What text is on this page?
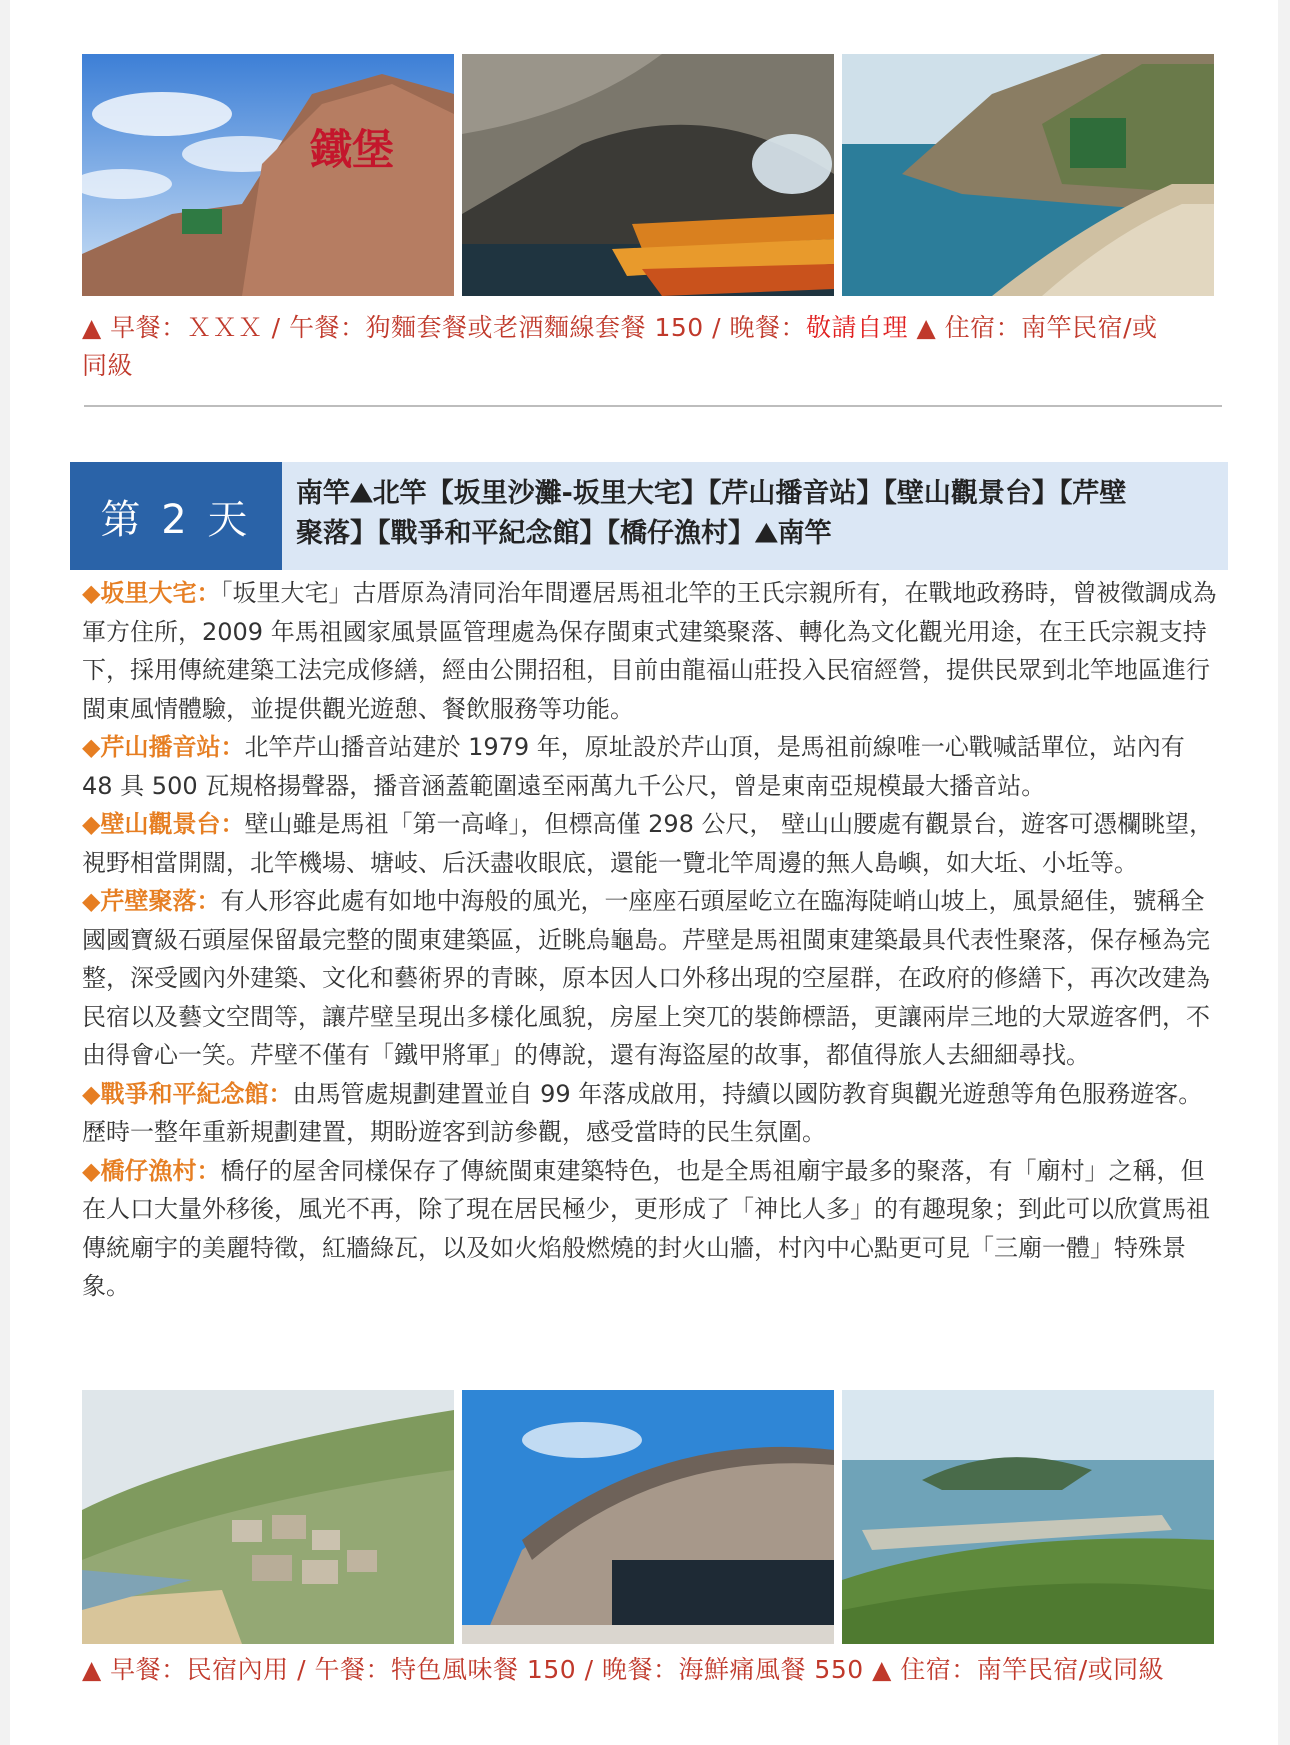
鐵堡
▲ 早餐：ＸＸＸ / 午餐：狗麵套餐或老酒麵線套餐 150 / 晚餐：敬請自理 ▲ 住宿：南竿民宿/或
同級
第 2 天
南竿⛰北竿【坂里沙灘-坂里大宅】【芹山播音站】【壁山觀景台】【芹壁
聚落】【戰爭和平紀念館】【橋仔漁村】⛰南竿

◆坂里大宅：「坂里大宅」古厝原為清同治年間遷居馬祖北竿的王氏宗親所有，在戰地政務時，曾被徵調成為軍方住所，2009 年馬祖國家風景區管理處為保存閩東式建築聚落、轉化為文化觀光用途，在王氏宗親支持下，採用傳統建築工法完成修繕，經由公開招租，目前由龍福山莊投入民宿經營，提供民眾到北竿地區進行閩東風情體驗，並提供觀光遊憩、餐飲服務等功能。

◆芹山播音站：北竿芹山播音站建於 1979 年，原址設於芹山頂，是馬祖前線唯一心戰喊話單位，站內有 48 具 500 瓦規格揚聲器，播音涵蓋範圍遠至兩萬九千公尺，曾是東南亞規模最大播音站。

◆壁山觀景台：壁山雖是馬祖「第一高峰」，但標高僅 298 公尺， 壁山山腰處有觀景台，遊客可憑欄眺望，視野相當開闊，北竿機場、塘岐、后沃盡收眼底，還能一覽北竿周邊的無人島嶼，如大坵、小坵等。

◆芹壁聚落：有人形容此處有如地中海般的風光，一座座石頭屋屹立在臨海陡峭山坡上，風景絕佳，號稱全國國寶級石頭屋保留最完整的閩東建築區，近眺烏龜島。芹壁是馬祖閩東建築最具代表性聚落，保存極為完整，深受國內外建築、文化和藝術界的青睞，原本因人口外移出現的空屋群，在政府的修繕下，再次改建為民宿以及藝文空間等，讓芹壁呈現出多樣化風貌，房屋上突兀的裝飾標語，更讓兩岸三地的大眾遊客們，不由得會心一笑。芹壁不僅有「鐵甲將軍」的傳說，還有海盜屋的故事，都值得旅人去細細尋找。

◆戰爭和平紀念館：由馬管處規劃建置並自 99 年落成啟用，持續以國防教育與觀光遊憩等角色服務遊客。歷時一整年重新規劃建置，期盼遊客到訪參觀，感受當時的民生氛圍。

◆橋仔漁村：橋仔的屋舍同樣保存了傳統閩東建築特色，也是全馬祖廟宇最多的聚落，有「廟村」之稱，但在人口大量外移後，風光不再，除了現在居民極少，更形成了「神比人多」的有趣現象；到此可以欣賞馬祖傳統廟宇的美麗特徵，紅牆綠瓦，以及如火焰般燃燒的封火山牆，村內中心點更可見「三廟一體」特殊景象。

▲ 早餐：民宿內用 / 午餐：特色風味餐 150 / 晚餐：海鮮痛風餐 550 ▲ 住宿：南竿民宿/或同級
